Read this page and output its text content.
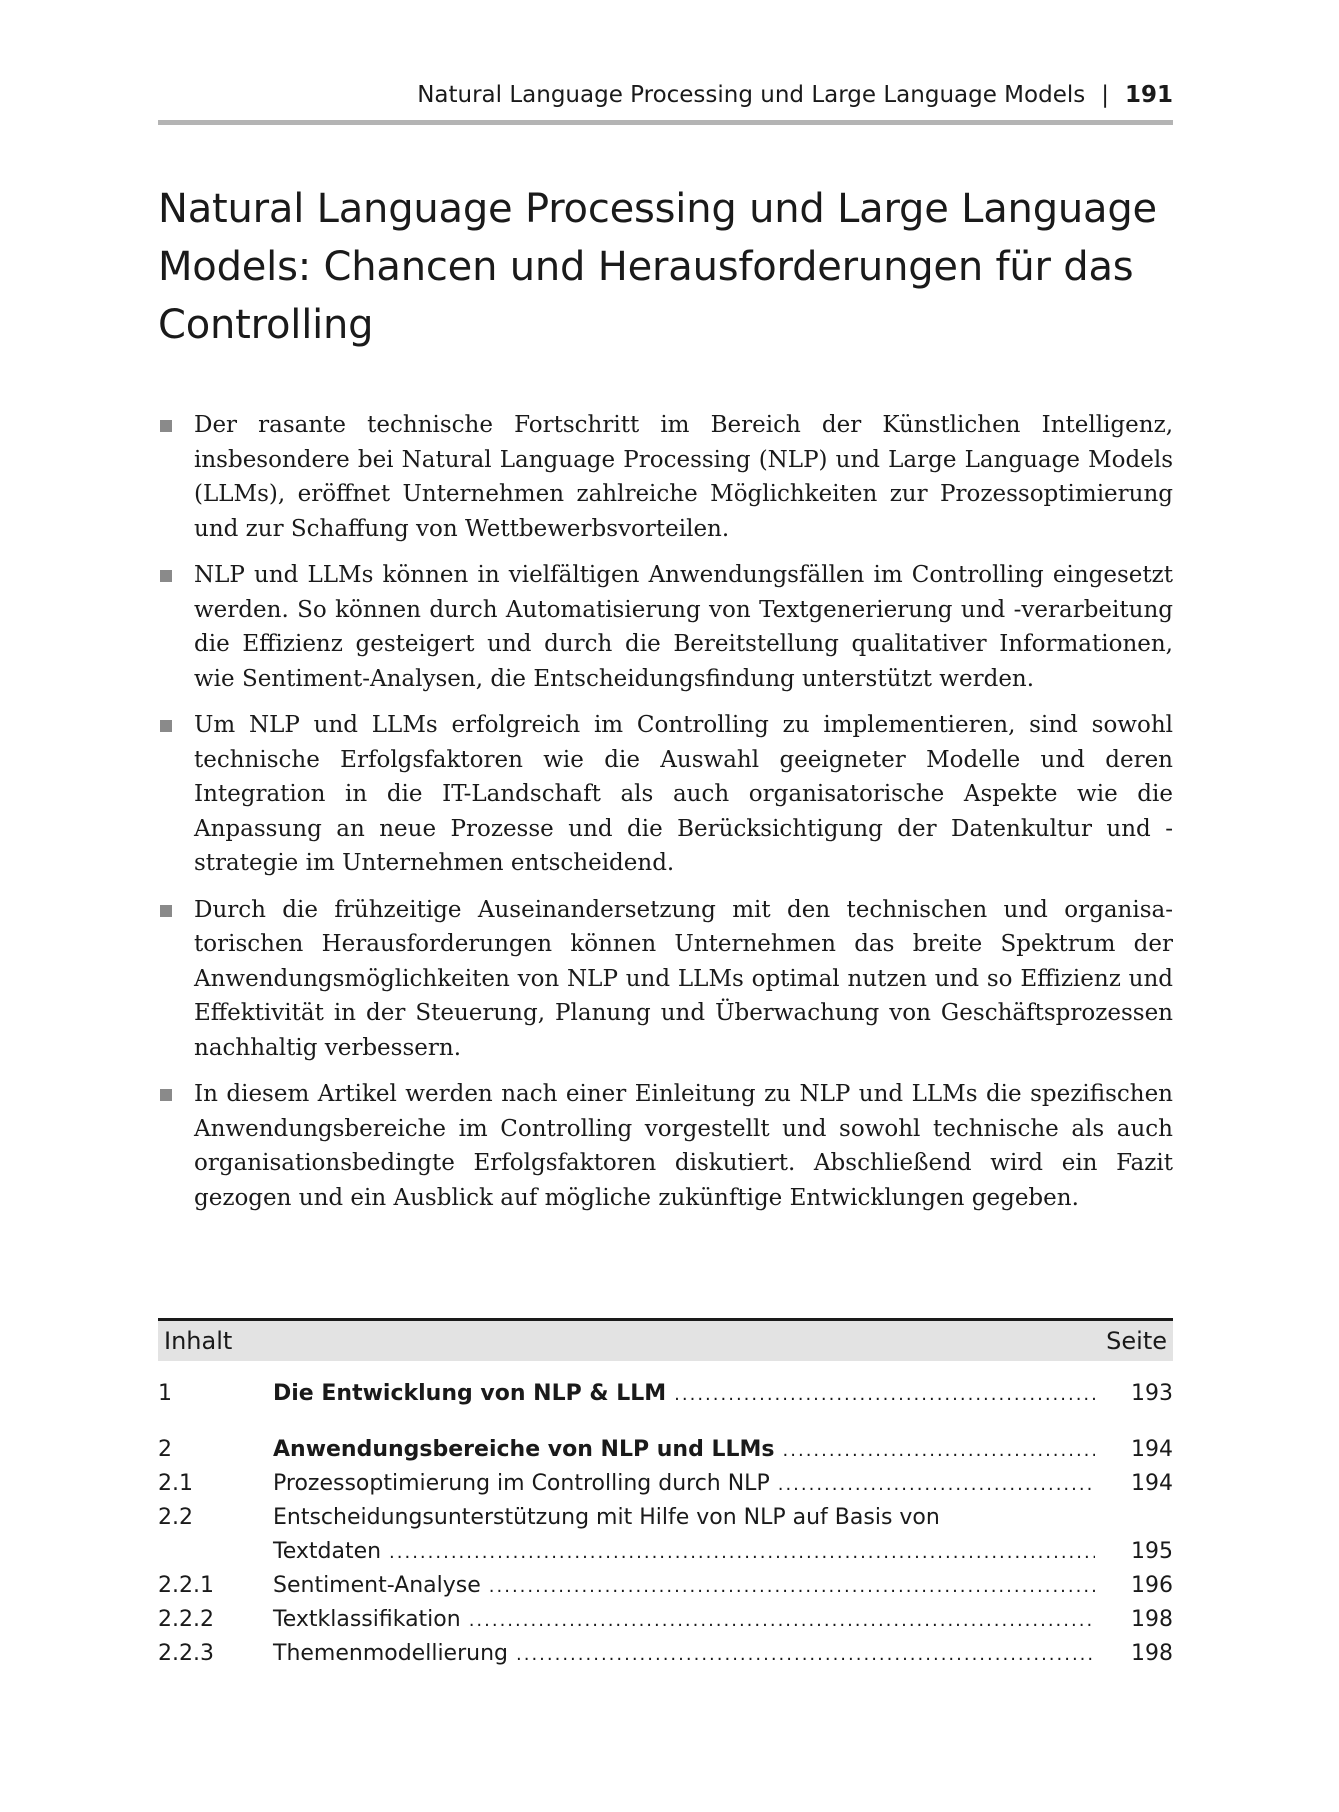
Natural Language Processing und Large Language Models | 191
Natural Language Processing und Large Language Models: Chancen und Herausforderungen für das Controlling
Der rasante technische Fortschritt im Bereich der Künstlichen Intelligenz, insbesondere bei Natural Language Processing (NLP) und Large Language Models (LLMs), eröffnet Unternehmen zahlreiche Möglichkeiten zur Prozessoptimierung und zur Schaffung von Wettbewerbsvorteilen.
NLP und LLMs können in vielfältigen Anwendungsfällen im Controlling eingesetzt werden. So können durch Automatisierung von Textgenerierung und -verarbeitung die Effizienz gesteigert und durch die Bereitstellung qualitativer Informationen, wie Sentiment-Analysen, die Entscheidungsfindung unterstützt werden.
Um NLP und LLMs erfolgreich im Controlling zu implementieren, sind sowohl technische Erfolgsfaktoren wie die Auswahl geeigneter Modelle und deren Integration in die IT-Landschaft als auch organisatorische Aspekte wie die Anpassung an neue Prozesse und die Berücksichtigung der Datenkultur und -strategie im Unternehmen entscheidend.
Durch die frühzeitige Auseinandersetzung mit den technischen und organisatorischen Herausforderungen können Unternehmen das breite Spektrum der Anwendungsmöglichkeiten von NLP und LLMs optimal nutzen und so Effizienz und Effektivität in der Steuerung, Planung und Überwachung von Geschäftsprozessen nachhaltig verbessern.
In diesem Artikel werden nach einer Einleitung zu NLP und LLMs die spezifischen Anwendungsbereiche im Controlling vorgestellt und sowohl technische als auch organisationsbedingte Erfolgsfaktoren diskutiert. Abschließend wird ein Fazit gezogen und ein Ausblick auf mögliche zukünftige Entwicklungen gegeben.
Inhalt	Seite
1	Die Entwicklung von NLP & LLM .....	193
2	Anwendungsbereiche von NLP und LLMs .....	194
2.1	Prozessoptimierung im Controlling durch NLP .....	194
2.2	Entscheidungsunterstützung mit Hilfe von NLP auf Basis von
Textdaten .....	195
2.2.1	Sentiment-Analyse .....	196
2.2.2	Textklassifikation .....	198
2.2.3	Themenmodellierung .....	198
